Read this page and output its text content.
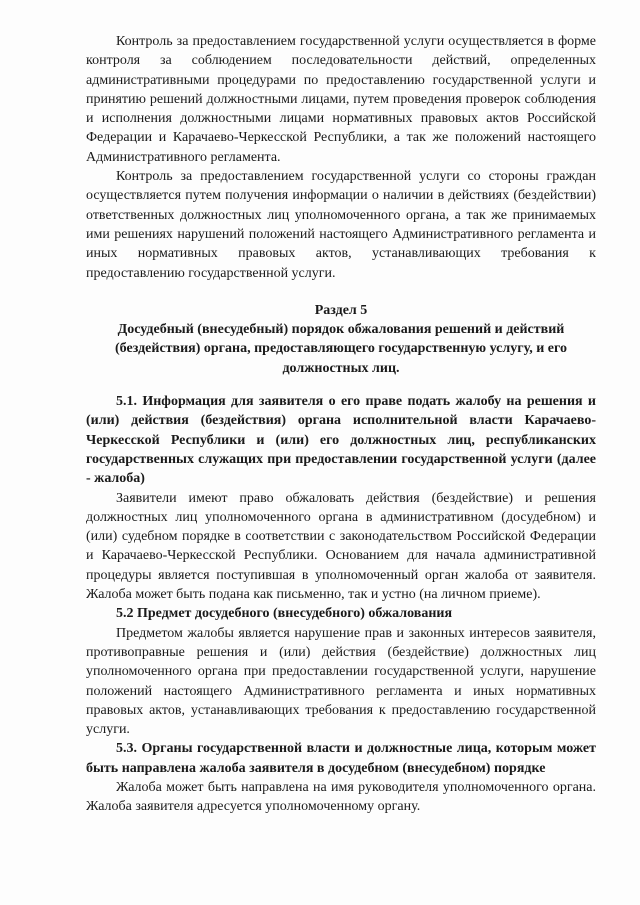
Контроль за предоставлением государственной услуги осуществляется в форме контроля за соблюдением последовательности действий, определенных административными процедурами по предоставлению государственной услуги и принятию решений должностными лицами, путем проведения проверок соблюдения и исполнения должностными лицами нормативных правовых актов Российской Федерации и Карачаево-Черкесской Республики, а так же положений настоящего Административного регламента.

Контроль за предоставлением государственной услуги со стороны граждан осуществляется путем получения информации о наличии в действиях (бездействии) ответственных должностных лиц уполномоченного органа, а так же принимаемых ими решениях нарушений положений настоящего Административного регламента и иных нормативных правовых актов, устанавливающих требования к предоставлению государственной услуги.

Раздел 5

Досудебный (внесудебный) порядок обжалования решений и действий (бездействия) органа, предоставляющего государственную услугу, и его должностных лиц.

5.1. Информация для заявителя о его праве подать жалобу на решения и (или) действия (бездействия) органа исполнительной власти Карачаево-Черкесской Республики и (или) его должностных лиц, республиканских государственных служащих при предоставлении государственной услуги (далее - жалоба)

Заявители имеют право обжаловать действия (бездействие) и решения должностных лиц уполномоченного органа в административном (досудебном) и (или) судебном порядке в соответствии с законодательством Российской Федерации и Карачаево-Черкесской Республики. Основанием для начала административной процедуры является поступившая в уполномоченный орган жалоба от заявителя. Жалоба может быть подана как письменно, так и устно (на личном приеме).

5.2 Предмет досудебного (внесудебного) обжалования

Предметом жалобы является нарушение прав и законных интересов заявителя, противоправные решения и (или) действия (бездействие) должностных лиц уполномоченного органа при предоставлении государственной услуги, нарушение положений настоящего Административного регламента и иных нормативных правовых актов, устанавливающих требования к предоставлению государственной услуги.

5.3. Органы государственной власти и должностные лица, которым может быть направлена жалоба заявителя в досудебном (внесудебном) порядке

Жалоба может быть направлена на имя руководителя уполномоченного органа. Жалоба заявителя адресуется уполномоченному органу.
